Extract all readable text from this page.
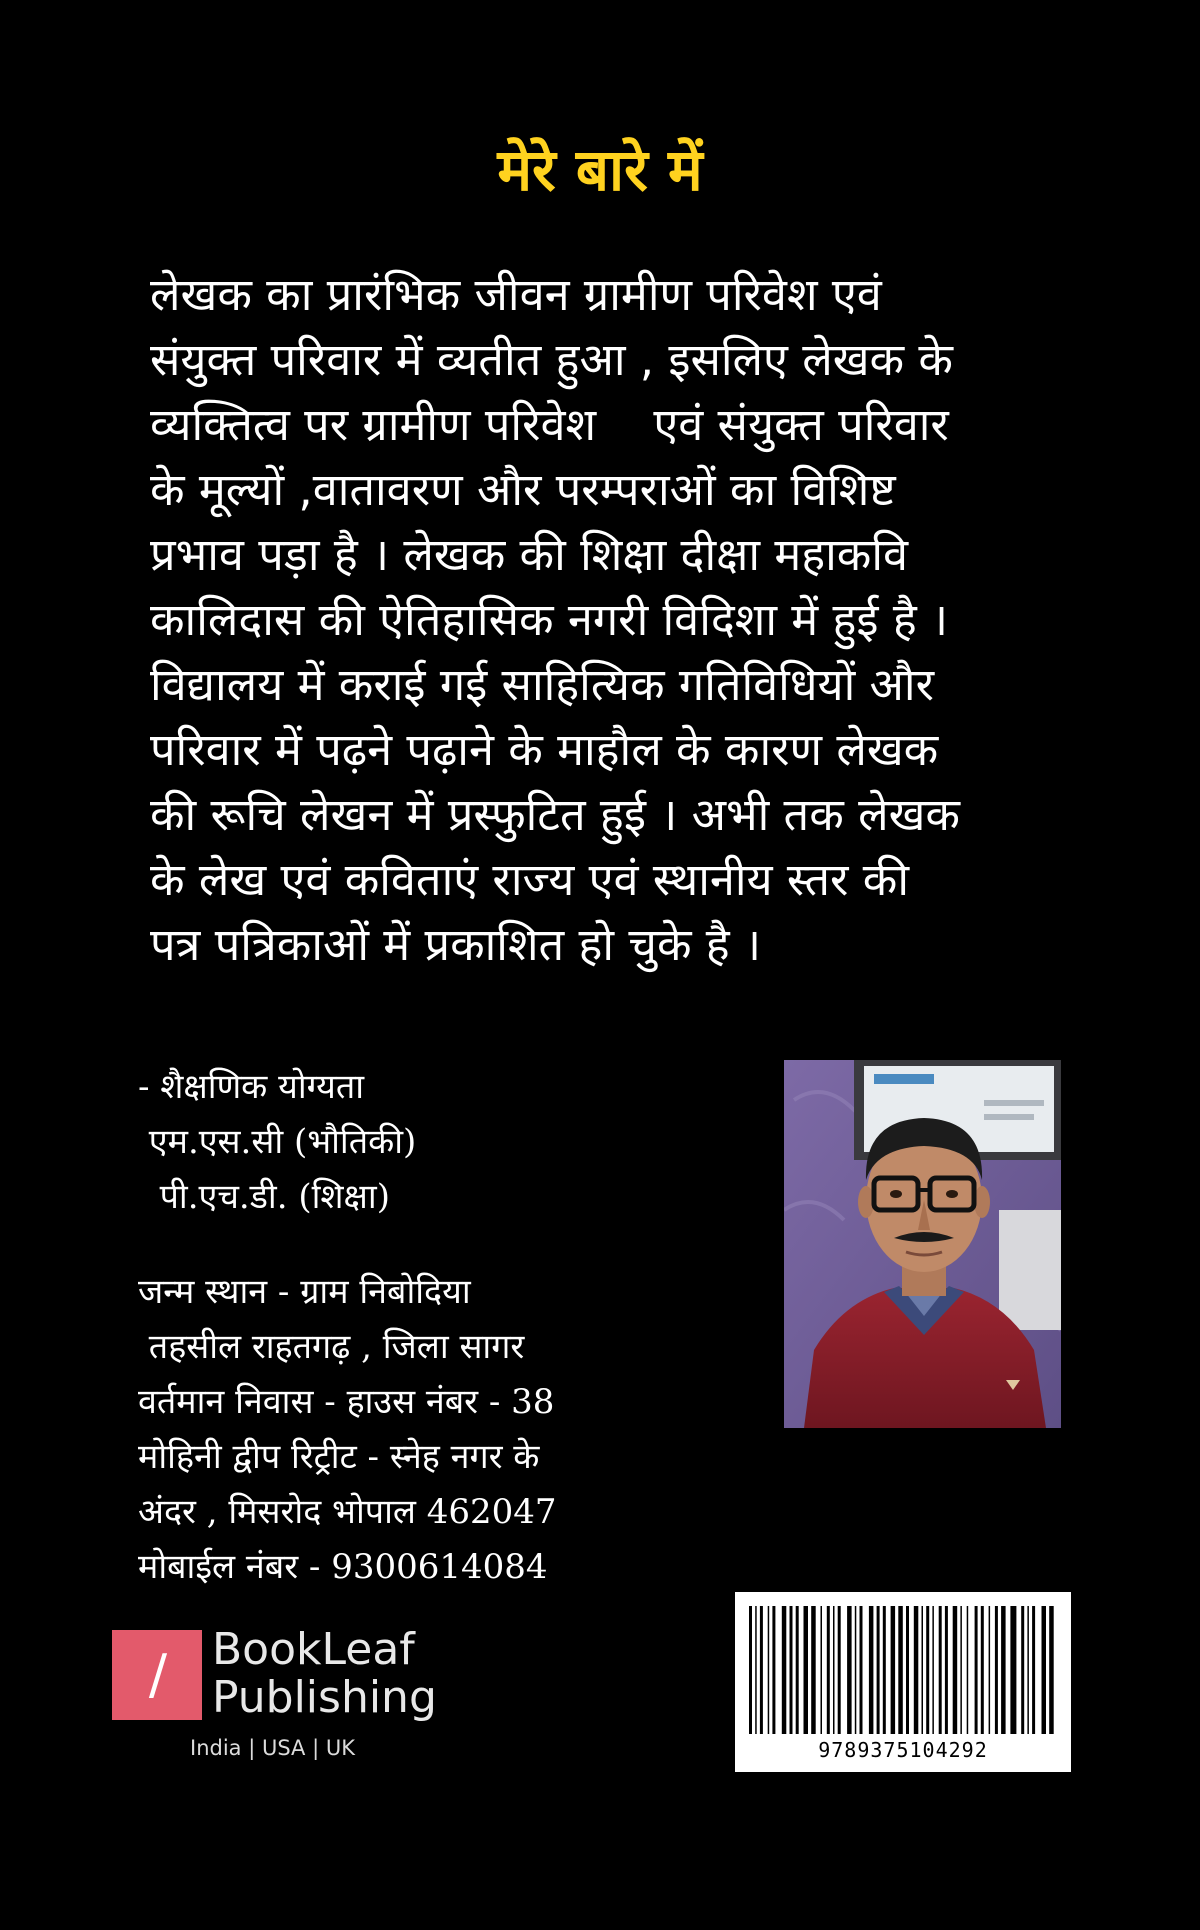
मेरे बारे में
लेखक का प्रारंभिक जीवन ग्रामीण परिवेश एवं
संयुक्त परिवार में व्यतीत हुआ , इसलिए लेखक के
व्यक्तित्व पर ग्रामीण परिवेश    एवं संयुक्त परिवार
के मूल्यों ,वातावरण और परम्पराओं का विशिष्ट
प्रभाव पड़ा है । लेखक की शिक्षा दीक्षा महाकवि
कालिदास की ऐतिहासिक नगरी विदिशा में हुई है ।
विद्यालय में कराई गई साहित्यिक गतिविधियों और
परिवार में पढ़ने पढ़ाने के माहौल के कारण लेखक
की रूचि लेखन में प्रस्फुटित हुई । अभी तक लेखक
के लेख एवं कविताएं राज्य एवं स्थानीय स्तर की
पत्र पत्रिकाओं में प्रकाशित हो चुके है ।
- शैक्षणिक योग्यता
एम.एस.सी (भौतिकी)
पी.एच.डी. (शिक्षा)
जन्म स्थान - ग्राम निबोदिया
तहसील राहतगढ़ , जिला सागर
वर्तमान निवास - हाउस नंबर - 38
मोहिनी द्वीप रिट्रीट - स्नेह नगर के
अंदर , मिसरोद भोपाल 462047
मोबाईल नंबर - 9300614084
/ BookLeaf
Publishing
India | USA | UK	9789375104292
